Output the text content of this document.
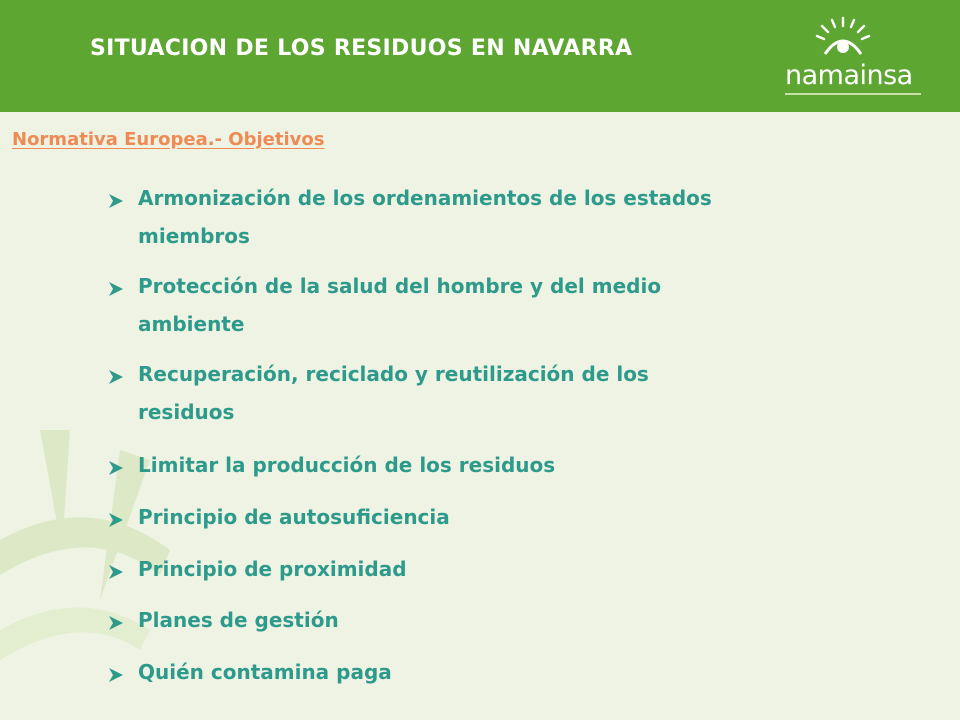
SITUACION DE LOS RESIDUOS EN NAVARRA
namainsa
Normativa Europea.- Objetivos
Armonización de los ordenamientos de los estados
miembros
Protección de la salud del hombre y del medio
ambiente
Recuperación, reciclado y reutilización de los
residuos
Limitar la producción de los residuos
Principio de autosuficiencia
Principio de proximidad
Planes de gestión
Quién contamina paga
